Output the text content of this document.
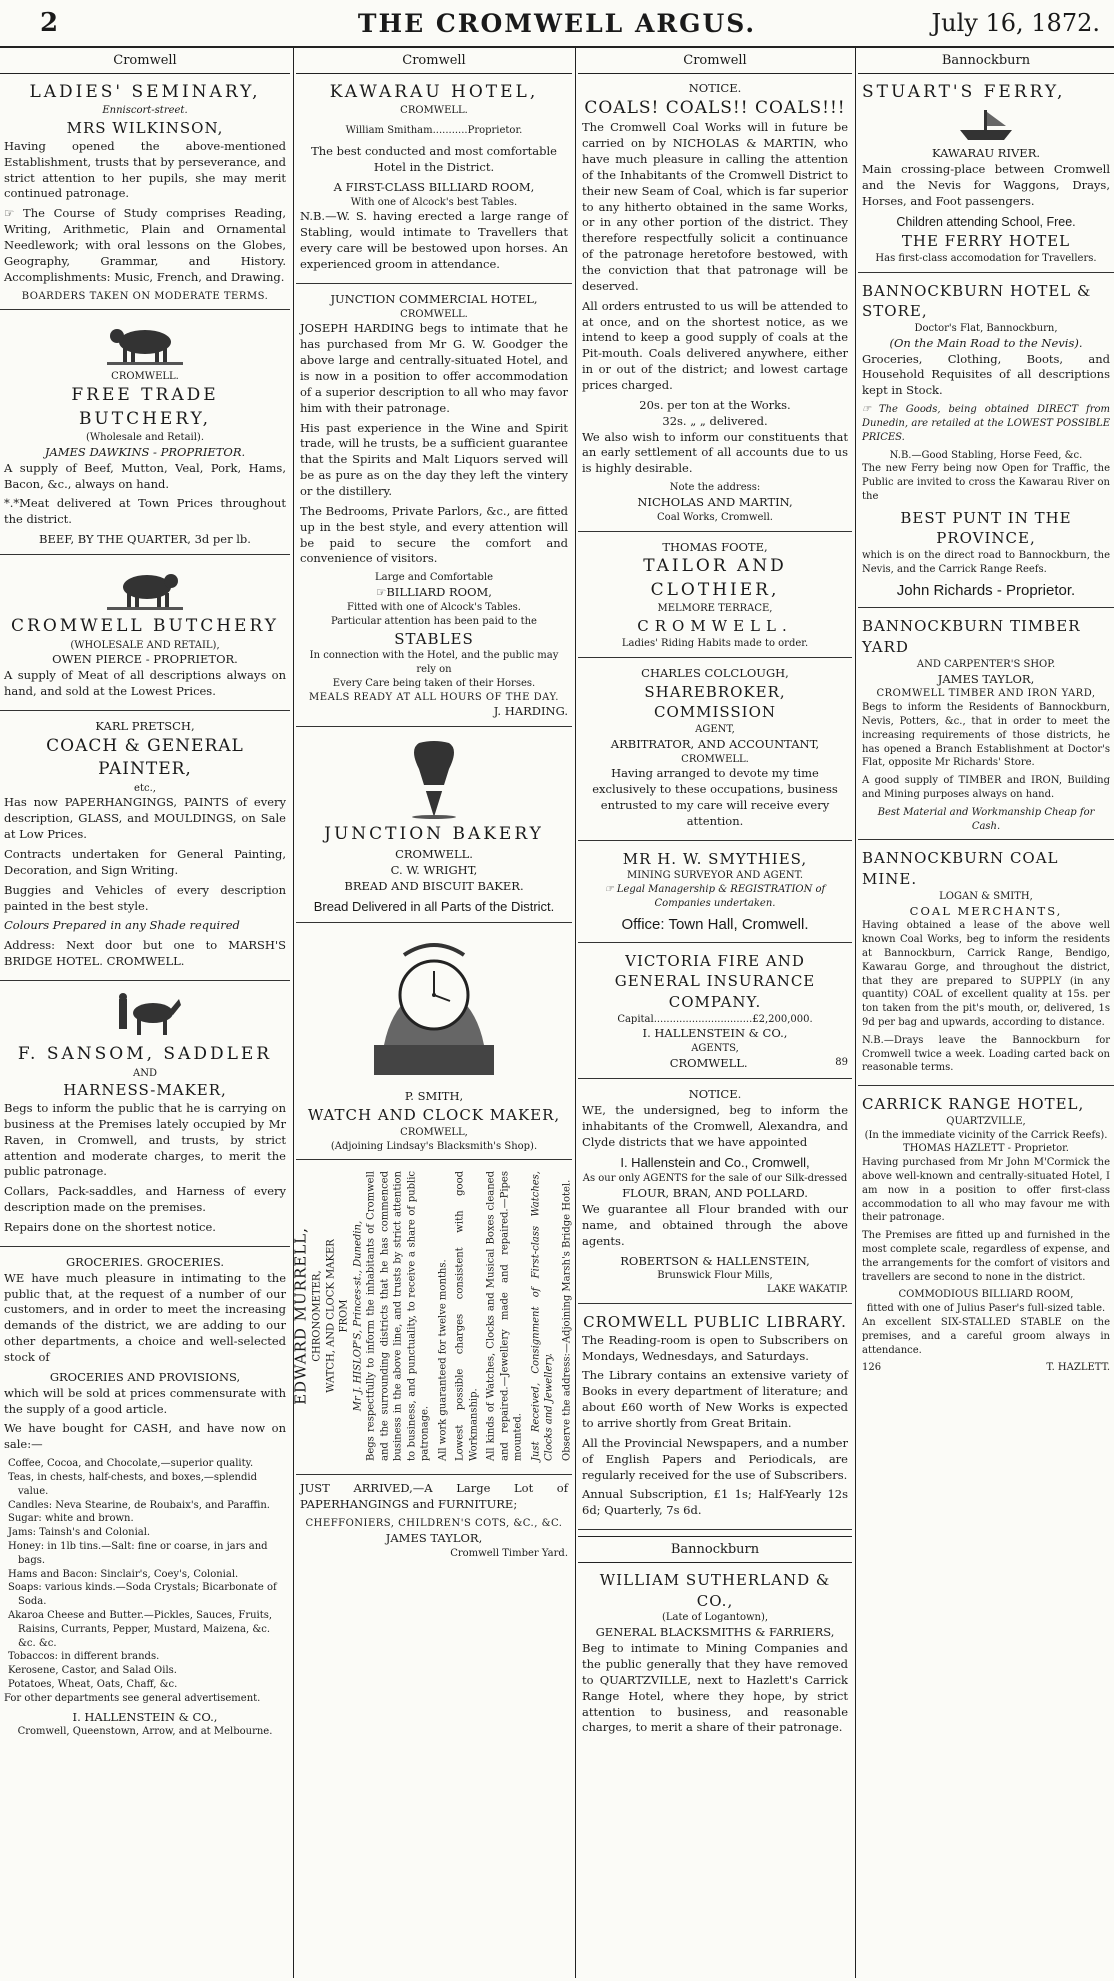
2	THE CROMWELL ARGUS.	July 16, 1872.
Cromwell
LADIES' SEMINARY,
Enniscort-street.
MRS WILKINSON,

Having opened the above-mentioned Establishment, trusts that by perseverance, and strict attention to her pupils, she may merit continued patronage.

☞ The Course of Study comprises Reading, Writing, Arithmetic, Plain and Ornamental Needlework; with oral lessons on the Globes, Geography, Grammar, and History. Accomplishments: Music, French, and Drawing.

BOARDERS TAKEN ON MODERATE TERMS.
CROMWELL.
FREE TRADE BUTCHERY,
(Wholesale and Retail).
JAMES DAWKINS - PROPRIETOR.

A supply of Beef, Mutton, Veal, Pork, Hams, Bacon, &c., always on hand.

*.*Meat delivered at Town Prices throughout the district.

BEEF, BY THE QUARTER, 3d per lb.
CROMWELL BUTCHERY
(WHOLESALE AND RETAIL),
OWEN PIERCE - PROPRIETOR.

A supply of Meat of all descriptions always on hand, and sold at the Lowest Prices.

KARL PRETSCH,
COACH & GENERAL PAINTER,
etc.,

Has now PAPERHANGINGS, PAINTS of every description, GLASS, and MOULDINGS, on Sale at Low Prices.

Contracts undertaken for General Painting, Decoration, and Sign Writing.

Buggies and Vehicles of every description painted in the best style.

Colours Prepared in any Shade required

Address: Next door but one to MARSH'S BRIDGE HOTEL. CROMWELL.

F. SANSOM, SADDLER
AND
HARNESS-MAKER,

Begs to inform the public that he is carrying on business at the Premises lately occupied by Mr Raven, in Cromwell, and trusts, by strict attention and moderate charges, to merit the public patronage.

Collars, Pack-saddles, and Harness of every description made on the premises.

Repairs done on the shortest notice.

GROCERIES. GROCERIES.

WE have much pleasure in intimating to the public that, at the request of a number of our customers, and in order to meet the increasing demands of the district, we are adding to our other departments, a choice and well-selected stock of

GROCERIES AND PROVISIONS,

which will be sold at prices commensurate with the supply of a good article.

We have bought for CASH, and have now on sale:—

Coffee, Cocoa, and Chocolate,—superior quality.
Teas, in chests, half-chests, and boxes,—splendid value.
Candles: Neva Stearine, de Roubaix's, and Paraffin.
Sugar: white and brown.
Jams: Tainsh's and Colonial.
Honey: in 1lb tins.—Salt: fine or coarse, in jars and bags.
Hams and Bacon: Sinclair's, Coey's, Colonial.
Soaps: various kinds.—Soda Crystals; Bicarbonate of Soda.
Akaroa Cheese and Butter.—Pickles, Sauces, Fruits, Raisins, Currants, Pepper, Mustard, Maizena, &c. &c. &c.
Tobaccos: in different brands.
Kerosene, Castor, and Salad Oils.
Potatoes, Wheat, Oats, Chaff, &c.

For other departments see general advertisement.

I. HALLENSTEIN & CO.,
Cromwell, Queenstown, Arrow, and at Melbourne.
Cromwell
KAWARAU HOTEL,
CROMWELL.
William Smitham...........Proprietor.

The best conducted and most comfortable Hotel in the District.

A FIRST-CLASS BILLIARD ROOM,
With one of Alcock's best Tables.

N.B.—W. S. having erected a large range of Stabling, would intimate to Travellers that every care will be bestowed upon horses. An experienced groom in attendance.

JUNCTION COMMERCIAL HOTEL,
CROMWELL.

JOSEPH HARDING begs to intimate that he has purchased from Mr G. W. Goodger the above large and centrally-situated Hotel, and is now in a position to offer accommodation of a superior description to all who may favor him with their patronage.

His past experience in the Wine and Spirit trade, will he trusts, be a sufficient guarantee that the Spirits and Malt Liquors served will be as pure as on the day they left the vintery or the distillery.

The Bedrooms, Private Parlors, &c., are fitted up in the best style, and every attention will be paid to secure the comfort and convenience of visitors.

Large and Comfortable
☞BILLIARD ROOM,
Fitted with one of Alcock's Tables.
Particular attention has been paid to the
STABLES
In connection with the Hotel, and the public may rely on
Every Care being taken of their Horses.
MEALS READY AT ALL HOURS OF THE DAY.
J. HARDING.
JUNCTION BAKERY
CROMWELL.
C. W. WRIGHT,
BREAD AND BISCUIT BAKER.
Bread Delivered in all Parts of the District.
P. SMITH,
WATCH AND CLOCK MAKER,
CROMWELL,
(Adjoining Lindsay's Blacksmith's Shop).
EDWARD MURRELL, CHRONOMETER, WATCH, AND CLOCK MAKER FROM Mr J. HISLOP'S, Princes-st., Dunedin, Begs respectfully to inform the inhabitants of Cromwell and the surrounding districts that he has commenced business in the above line, and trusts by strict attention to business, and punctuality, to receive a share of public patronage. All work guaranteed for twelve months. Lowest possible charges consistent with good Workmanship. All kinds of Watches, Clocks and Musical Boxes cleaned and repaired.—Jewellery made and repaired.—Pipes mounted. Just Received, Consignment of First-class Watches, Clocks and Jewellery. Observe the address:—Adjoining Marsh's Bridge Hotel.

JUST ARRIVED,—A Large Lot of PAPERHANGINGS and FURNITURE;

CHEFFONIERS, CHILDREN'S COTS, &C., &C.
JAMES TAYLOR,
Cromwell Timber Yard.
Cromwell
NOTICE.
COALS! COALS!! COALS!!!

The Cromwell Coal Works will in future be carried on by NICHOLAS & MARTIN, who have much pleasure in calling the attention of the Inhabitants of the Cromwell District to their new Seam of Coal, which is far superior to any hitherto obtained in the same Works, or in any other portion of the district. They therefore respectfully solicit a continuance of the patronage heretofore bestowed, with the conviction that that patronage will be deserved.

All orders entrusted to us will be attended to at once, and on the shortest notice, as we intend to keep a good supply of coals at the Pit-mouth. Coals delivered anywhere, either in or out of the district; and lowest cartage prices charged.

20s. per ton at the Works.
32s. „ „ delivered.

We also wish to inform our constituents that an early settlement of all accounts due to us is highly desirable.

Note the address:
NICHOLAS AND MARTIN,
Coal Works, Cromwell.
THOMAS FOOTE,
TAILOR AND CLOTHIER,
MELMORE TERRACE,
CROMWELL.
Ladies' Riding Habits made to order.
CHARLES COLCLOUGH,
SHAREBROKER, COMMISSION
AGENT,
ARBITRATOR, AND ACCOUNTANT,
CROMWELL.

Having arranged to devote my time exclusively to these occupations, business entrusted to my care will receive every attention.

MR H. W. SMYTHIES,
MINING SURVEYOR AND AGENT.
☞ Legal Managership & REGISTRATION of Companies undertaken.
Office: Town Hall, Cromwell.
VICTORIA FIRE AND GENERAL INSURANCE COMPANY.
Capital...............................£2,200,000.
I. HALLENSTEIN & CO.,
AGENTS,
CROMWELL.	89
NOTICE.

WE, the undersigned, beg to inform the inhabitants of the Cromwell, Alexandra, and Clyde districts that we have appointed

I. Hallenstein and Co., Cromwell,
As our only AGENTS for the sale of our Silk-dressed
FLOUR, BRAN, AND POLLARD.

We guarantee all Flour branded with our name, and obtained through the above agents.

ROBERTSON & HALLENSTEIN,
Brunswick Flour Mills,
LAKE WAKATIP.
CROMWELL PUBLIC LIBRARY.

The Reading-room is open to Subscribers on Mondays, Wednesdays, and Saturdays.

The Library contains an extensive variety of Books in every department of literature; and about £60 worth of New Works is expected to arrive shortly from Great Britain.

All the Provincial Newspapers, and a number of English Papers and Periodicals, are regularly received for the use of Subscribers.

Annual Subscription, £1 1s; Half-Yearly 12s 6d; Quarterly, 7s 6d.

Bannockburn
WILLIAM SUTHERLAND & CO.,
(Late of Logantown),
GENERAL BLACKSMITHS & FARRIERS,

Beg to intimate to Mining Companies and the public generally that they have removed to QUARTZVILLE, next to Hazlett's Carrick Range Hotel, where they hope, by strict attention to business, and reasonable charges, to merit a share of their patronage.

Bannockburn
STUART'S FERRY,
KAWARAU RIVER.

Main crossing-place between Cromwell and the Nevis for Waggons, Drays, Horses, and Foot passengers.

Children attending School, Free.
THE FERRY HOTEL
Has first-class accomodation for Travellers.
BANNOCKBURN HOTEL & STORE,
Doctor's Flat, Bannockburn,
(On the Main Road to the Nevis).

Groceries, Clothing, Boots, and Household Requisites of all descriptions kept in Stock.

☞ The Goods, being obtained DIRECT from Dunedin, are retailed at the LOWEST POSSIBLE PRICES.

N.B.—Good Stabling, Horse Feed, &c.

The new Ferry being now Open for Traffic, the Public are invited to cross the Kawarau River on the

BEST PUNT IN THE PROVINCE,

which is on the direct road to Bannockburn, the Nevis, and the Carrick Range Reefs.

John Richards - Proprietor.
BANNOCKBURN TIMBER YARD
AND CARPENTER'S SHOP.
JAMES TAYLOR,
CROMWELL TIMBER AND IRON YARD,

Begs to inform the Residents of Bannockburn, Nevis, Potters, &c., that in order to meet the increasing requirements of those districts, he has opened a Branch Establishment at Doctor's Flat, opposite Mr Richards' Store.

A good supply of TIMBER and IRON, Building and Mining purposes always on hand.

Best Material and Workmanship Cheap for Cash.
BANNOCKBURN COAL MINE.
LOGAN & SMITH,
COAL MERCHANTS,

Having obtained a lease of the above well known Coal Works, beg to inform the residents at Bannockburn, Carrick Range, Bendigo, Kawarau Gorge, and throughout the district, that they are prepared to SUPPLY (in any quantity) COAL of excellent quality at 15s. per ton taken from the pit's mouth, or, delivered, 1s 9d per bag and upwards, according to distance.

N.B.—Drays leave the Bannockburn for Cromwell twice a week. Loading carted back on reasonable terms.

CARRICK RANGE HOTEL,
QUARTZVILLE,
(In the immediate vicinity of the Carrick Reefs).
THOMAS HAZLETT - Proprietor.

Having purchased from Mr John M'Cormick the above well-known and centrally-situated Hotel, I am now in a position to offer first-class accommodation to all who may favour me with their patronage.

The Premises are fitted up and furnished in the most complete scale, regardless of expense, and the arrangements for the comfort of visitors and travellers are second to none in the district.

COMMODIOUS BILLIARD ROOM,
fitted with one of Julius Paser's full-sized table.

An excellent SIX-STALLED STABLE on the premises, and a careful groom always in attendance.

126	T. HAZLETT.
